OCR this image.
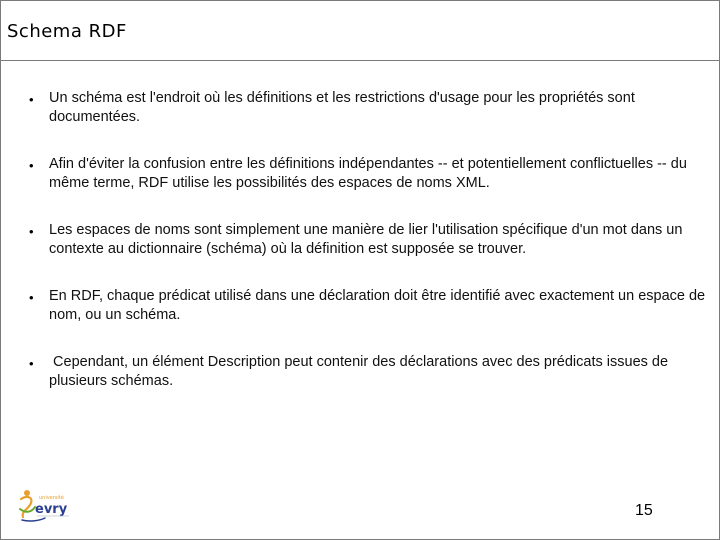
Schema RDF
• Un schéma est l'endroit où les définitions et les restrictions d'usage pour les propriétés sont documentées.
• Afin d'éviter la confusion entre les définitions indépendantes -- et potentiellement conflictuelles -- du même terme, RDF utilise les possibilités des espaces de noms XML.
• Les espaces de noms sont simplement une manière de lier l'utilisation spécifique d'un mot dans un contexte au dictionnaire (schéma) où la définition est supposée se trouver.
• En RDF, chaque prédicat utilisé dans une déclaration doit être identifié avec exactement un espace de nom, ou un schéma.
• Cependant, un élément Description peut contenir des déclarations avec des prédicats issues de plusieurs schémas.
université
evry	15
